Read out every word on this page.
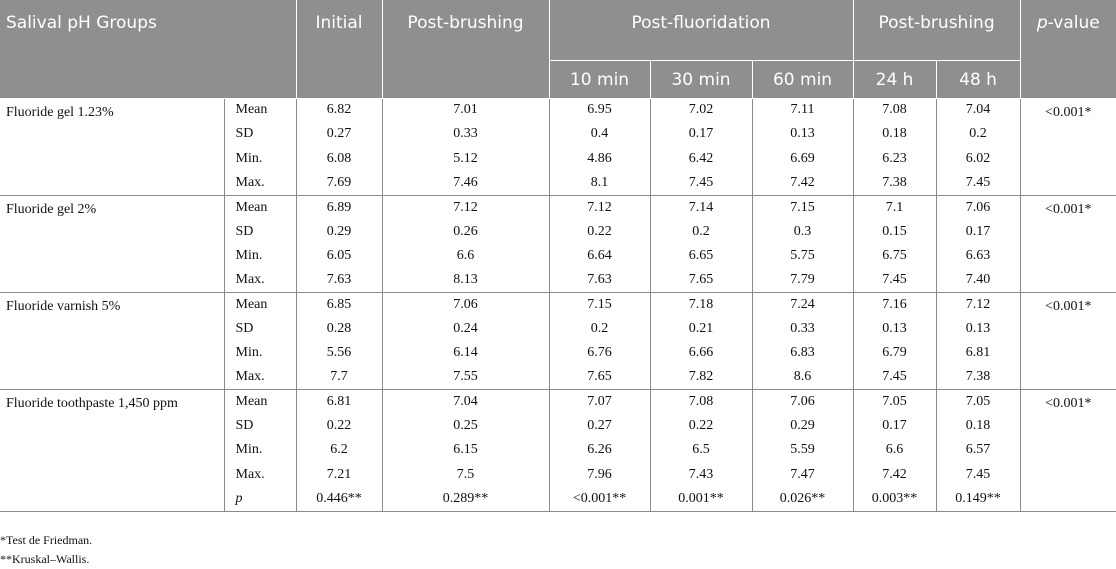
Salival pH Groups		Initial	Post-brushing	Post-fluoridation			Post-brushing		p-value
				10 min	30 min	60 min	24 h	48 h	
Fluoride gel 1.23%	Mean	6.82	7.01	6.95	7.02	7.11	7.08	7.04	<0.001*
	SD	0.27	0.33	0.4	0.17	0.13	0.18	0.2	
	Min.	6.08	5.12	4.86	6.42	6.69	6.23	6.02	
	Max.	7.69	7.46	8.1	7.45	7.42	7.38	7.45	
Fluoride gel 2%	Mean	6.89	7.12	7.12	7.14	7.15	7.1	7.06	<0.001*
	SD	0.29	0.26	0.22	0.2	0.3	0.15	0.17	
	Min.	6.05	6.6	6.64	6.65	5.75	6.75	6.63	
	Max.	7.63	8.13	7.63	7.65	7.79	7.45	7.40	
Fluoride varnish 5%	Mean	6.85	7.06	7.15	7.18	7.24	7.16	7.12	<0.001*
	SD	0.28	0.24	0.2	0.21	0.33	0.13	0.13	
	Min.	5.56	6.14	6.76	6.66	6.83	6.79	6.81	
	Max.	7.7	7.55	7.65	7.82	8.6	7.45	7.38	
Fluoride toothpaste 1,450 ppm	Mean	6.81	7.04	7.07	7.08	7.06	7.05	7.05	<0.001*
	SD	0.22	0.25	0.27	0.22	0.29	0.17	0.18	
	Min.	6.2	6.15	6.26	6.5	5.59	6.6	6.57	
	Max.	7.21	7.5	7.96	7.43	7.47	7.42	7.45	
	p	0.446**	0.289**	<0.001**	0.001**	0.026**	0.003**	0.149**	
*Test de Friedman.
**Kruskal–Wallis.
